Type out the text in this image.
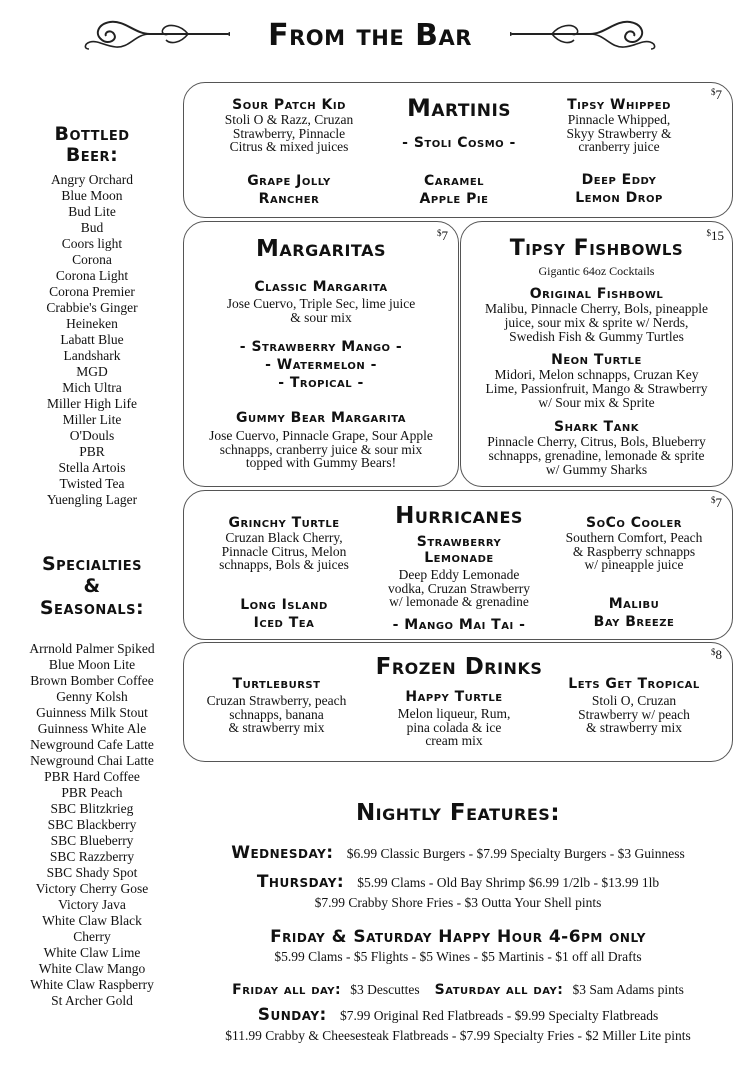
From the Bar
Bottled
Beer:
Angry Orchard
Blue Moon
Bud Lite
Bud
Coors light
Corona
Corona Light
Corona Premier
Crabbie's Ginger
Heineken
Labatt Blue
Landshark
MGD
Mich Ultra
Miller High Life
Miller Lite
O'Douls
PBR
Stella Artois
Twisted Tea
Yuengling Lager
Specialties
&
Seasonals:
Arrnold Palmer Spiked
Blue Moon Lite
Brown Bomber Coffee
Genny Kolsh
Guinness Milk Stout
Guinness White Ale
Newground Cafe Latte
Newground Chai Latte
PBR Hard Coffee
PBR Peach
SBC Blitzkrieg
SBC Blackberry
SBC Blueberry
SBC Razzberry
SBC Shady Spot
Victory Cherry Gose
Victory Java
White Claw Black
Cherry
White Claw Lime
White Claw Mango
White Claw Raspberry
St Archer Gold
$7
Martinis
Sour Patch Kid
Stoli O & Razz, Cruzan
Strawberry, Pinnacle
Citrus & mixed juices	- Stoli Cosmo -
Tipsy Whipped
Pinnacle Whipped,
Skyy Strawberry &
cranberry juice
Grape Jolly
Rancher
Caramel
Apple Pie
Deep Eddy
Lemon Drop
$7
Margaritas
Classic Margarita
Jose Cuervo, Triple Sec, lime juice
& sour mix
- Strawberry Mango -
- Watermelon -
- Tropical -
Gummy Bear Margarita
Jose Cuervo, Pinnacle Grape, Sour Apple
schnapps, cranberry juice & sour mix
topped with Gummy Bears!
$15
Tipsy Fishbowls
Gigantic 64oz Cocktails
Original Fishbowl
Malibu, Pinnacle Cherry, Bols, pineapple
juice, sour mix & sprite w/ Nerds,
Swedish Fish & Gummy Turtles
Neon Turtle
Midori, Melon schnapps, Cruzan Key
Lime, Passionfruit, Mango & Strawberry
w/ Sour mix & Sprite
Shark Tank
Pinnacle Cherry, Citrus, Bols, Blueberry
schnapps, grenadine, lemonade & sprite
w/ Gummy Sharks
$7
Hurricanes
Grinchy Turtle
Cruzan Black Cherry,
Pinnacle Citrus, Melon
schnapps, Bols & juices
Strawberry
Lemonade
Deep Eddy Lemonade
vodka, Cruzan Strawberry
w/ lemonade & grenadine
SoCo Cooler
Southern Comfort, Peach
& Raspberry schnapps
w/ pineapple juice
Long Island
Iced Tea	- Mango Mai Tai -
Malibu
Bay Breeze
$8
Frozen Drinks
Turtleburst
Cruzan Strawberry, peach
schnapps, banana
& strawberry mix
Happy Turtle
Melon liqueur, Rum,
pina colada & ice
cream mix
Lets Get Tropical
Stoli O, Cruzan
Strawberry w/ peach
& strawberry mix
Nightly Features:
Wednesday: $6.99 Classic Burgers - $7.99 Specialty Burgers - $3 Guinness
Thursday: $5.99 Clams - Old Bay Shrimp $6.99 1/2lb - $13.99 1lb
$7.99 Crabby Shore Fries - $3 Outta Your Shell pints
Friday & Saturday Happy Hour 4-6pm only
$5.99 Clams - $5 Flights - $5 Wines - $5 Martinis - $1 off all Drafts
Friday all day: $3 Descuttes Saturday all day: $3 Sam Adams pints
Sunday: $7.99 Original Red Flatbreads - $9.99 Specialty Flatbreads
$11.99 Crabby & Cheesesteak Flatbreads - $7.99 Specialty Fries - $2 Miller Lite pints
